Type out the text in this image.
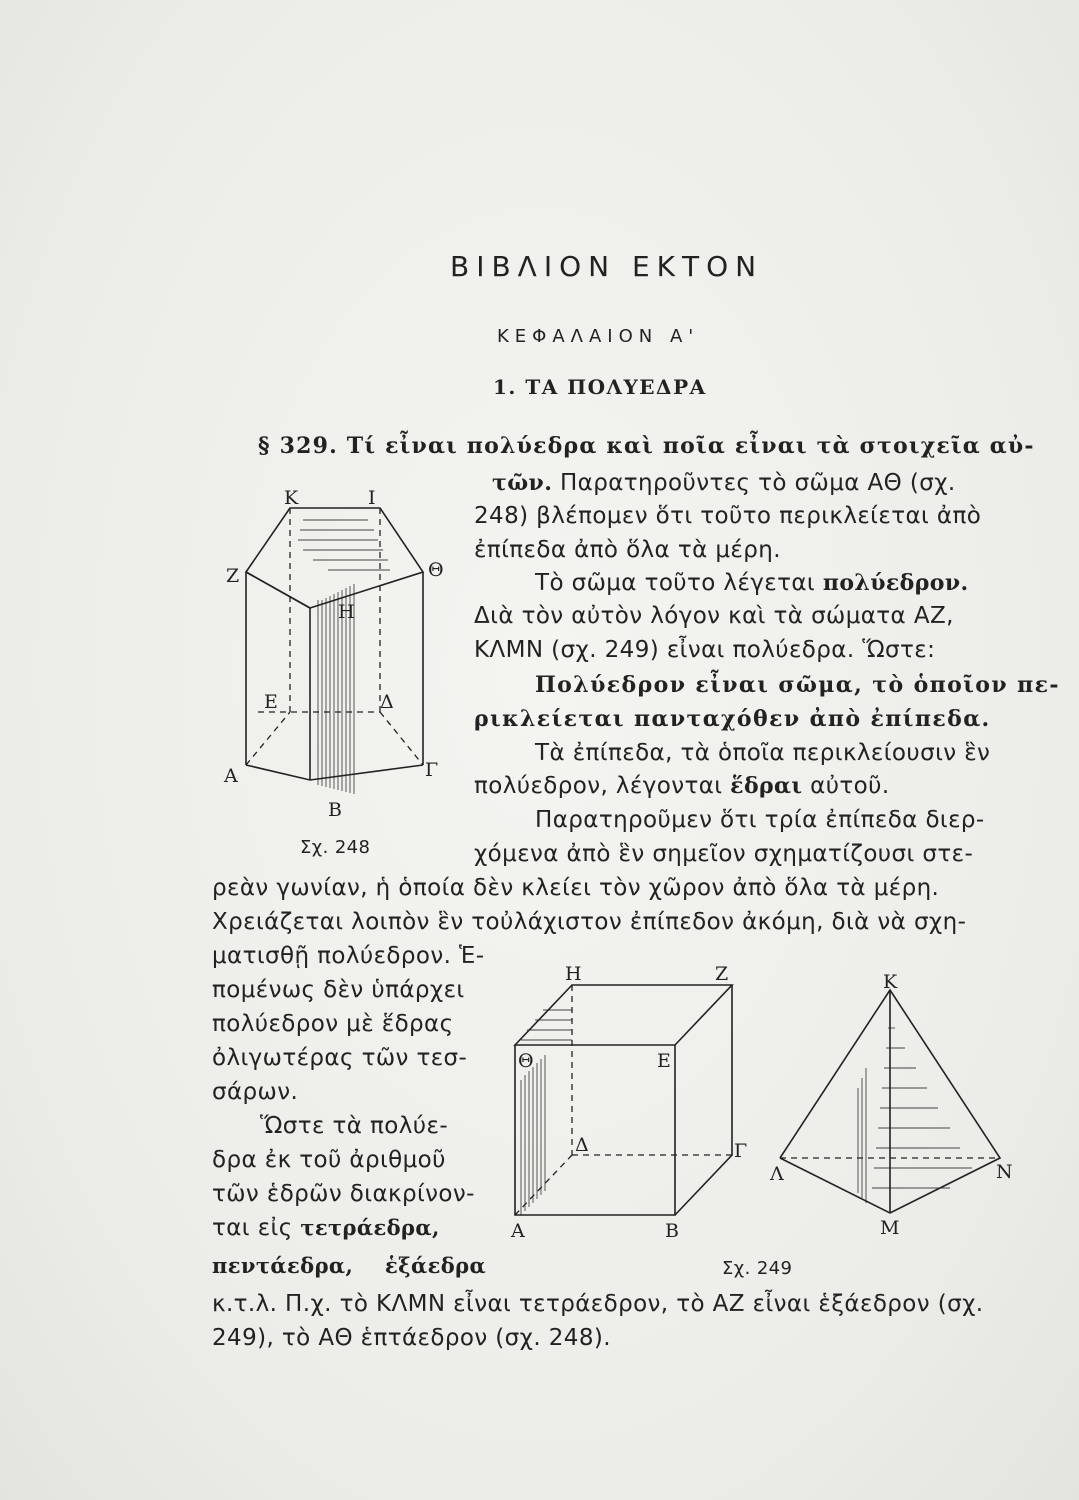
ΒΙΒΛΙΟΝ ΕΚΤΟΝ
ΚΕΦΑΛΑΙΟΝ Α'
1. ΤΑ ΠΟΛΥΕΔΡΑ
§ 329. Τί εἶναι πολύεδρα καὶ ποῖα εἶναι τὰ στοιχεῖα αὐ-
τῶν. Παρατηροῦντες τὸ σῶμα ΑΘ (σχ.
248) βλέπομεν ὅτι τοῦτο περικλείεται ἀπὸ
ἐπίπεδα ἀπὸ ὅλα τὰ μέρη.
Τὸ σῶμα τοῦτο λέγεται πολύεδρον.
Διὰ τὸν αὐτὸν λόγον καὶ τὰ σώματα ΑΖ,
ΚΛΜΝ (σχ. 249) εἶναι πολύεδρα. Ὥστε:
Πολύεδρον εἶναι σῶμα, τὸ ὁποῖον πε-
ρικλείεται πανταχόθεν ἀπὸ ἐπίπεδα.
Τὰ ἐπίπεδα, τὰ ὁποῖα περικλείουσιν ἓν
πολύεδρον, λέγονται ἕδραι αὐτοῦ.
Παρατηροῦμεν ὅτι τρία ἐπίπεδα διερ-
χόμενα ἀπὸ ἓν σημεῖον σχηματίζουσι στε-
ρεὰν γωνίαν, ἡ ὁποία δὲν κλείει τὸν χῶρον ἀπὸ ὅλα τὰ μέρη.
Χρειάζεται λοιπὸν ἓν τοὐλάχιστον ἐπίπεδον ἀκόμη, διὰ νὰ σχη-
ματισθῇ πολύεδρον. Ἑ-
πομένως δὲν ὑπάρχει
πολύεδρον μὲ ἕδρας
ὀλιγωτέρας τῶν τεσ-
σάρων.
Ὥστε τὰ πολύε-
δρα ἐκ τοῦ ἀριθμοῦ
τῶν ἑδρῶν διακρίνον-
ται εἰς τετράεδρα,
πεντάεδρα, ἑξάεδρα
κ.τ.λ. Π.χ. τὸ ΚΛΜΝ εἶναι τετράεδρον, τὸ ΑΖ εἶναι ἑξάεδρον (σχ.
249), τὸ ΑΘ ἑπτάεδρον (σχ. 248).
Κ	Ι
Ζ	Θ
Η
Ε	Δ
Α	Γ
Β
Σχ. 248
Η	Ζ
Θ	Ε
Δ	Γ
Α	Β
Κ
Λ	Ν
Μ
Σχ. 249
